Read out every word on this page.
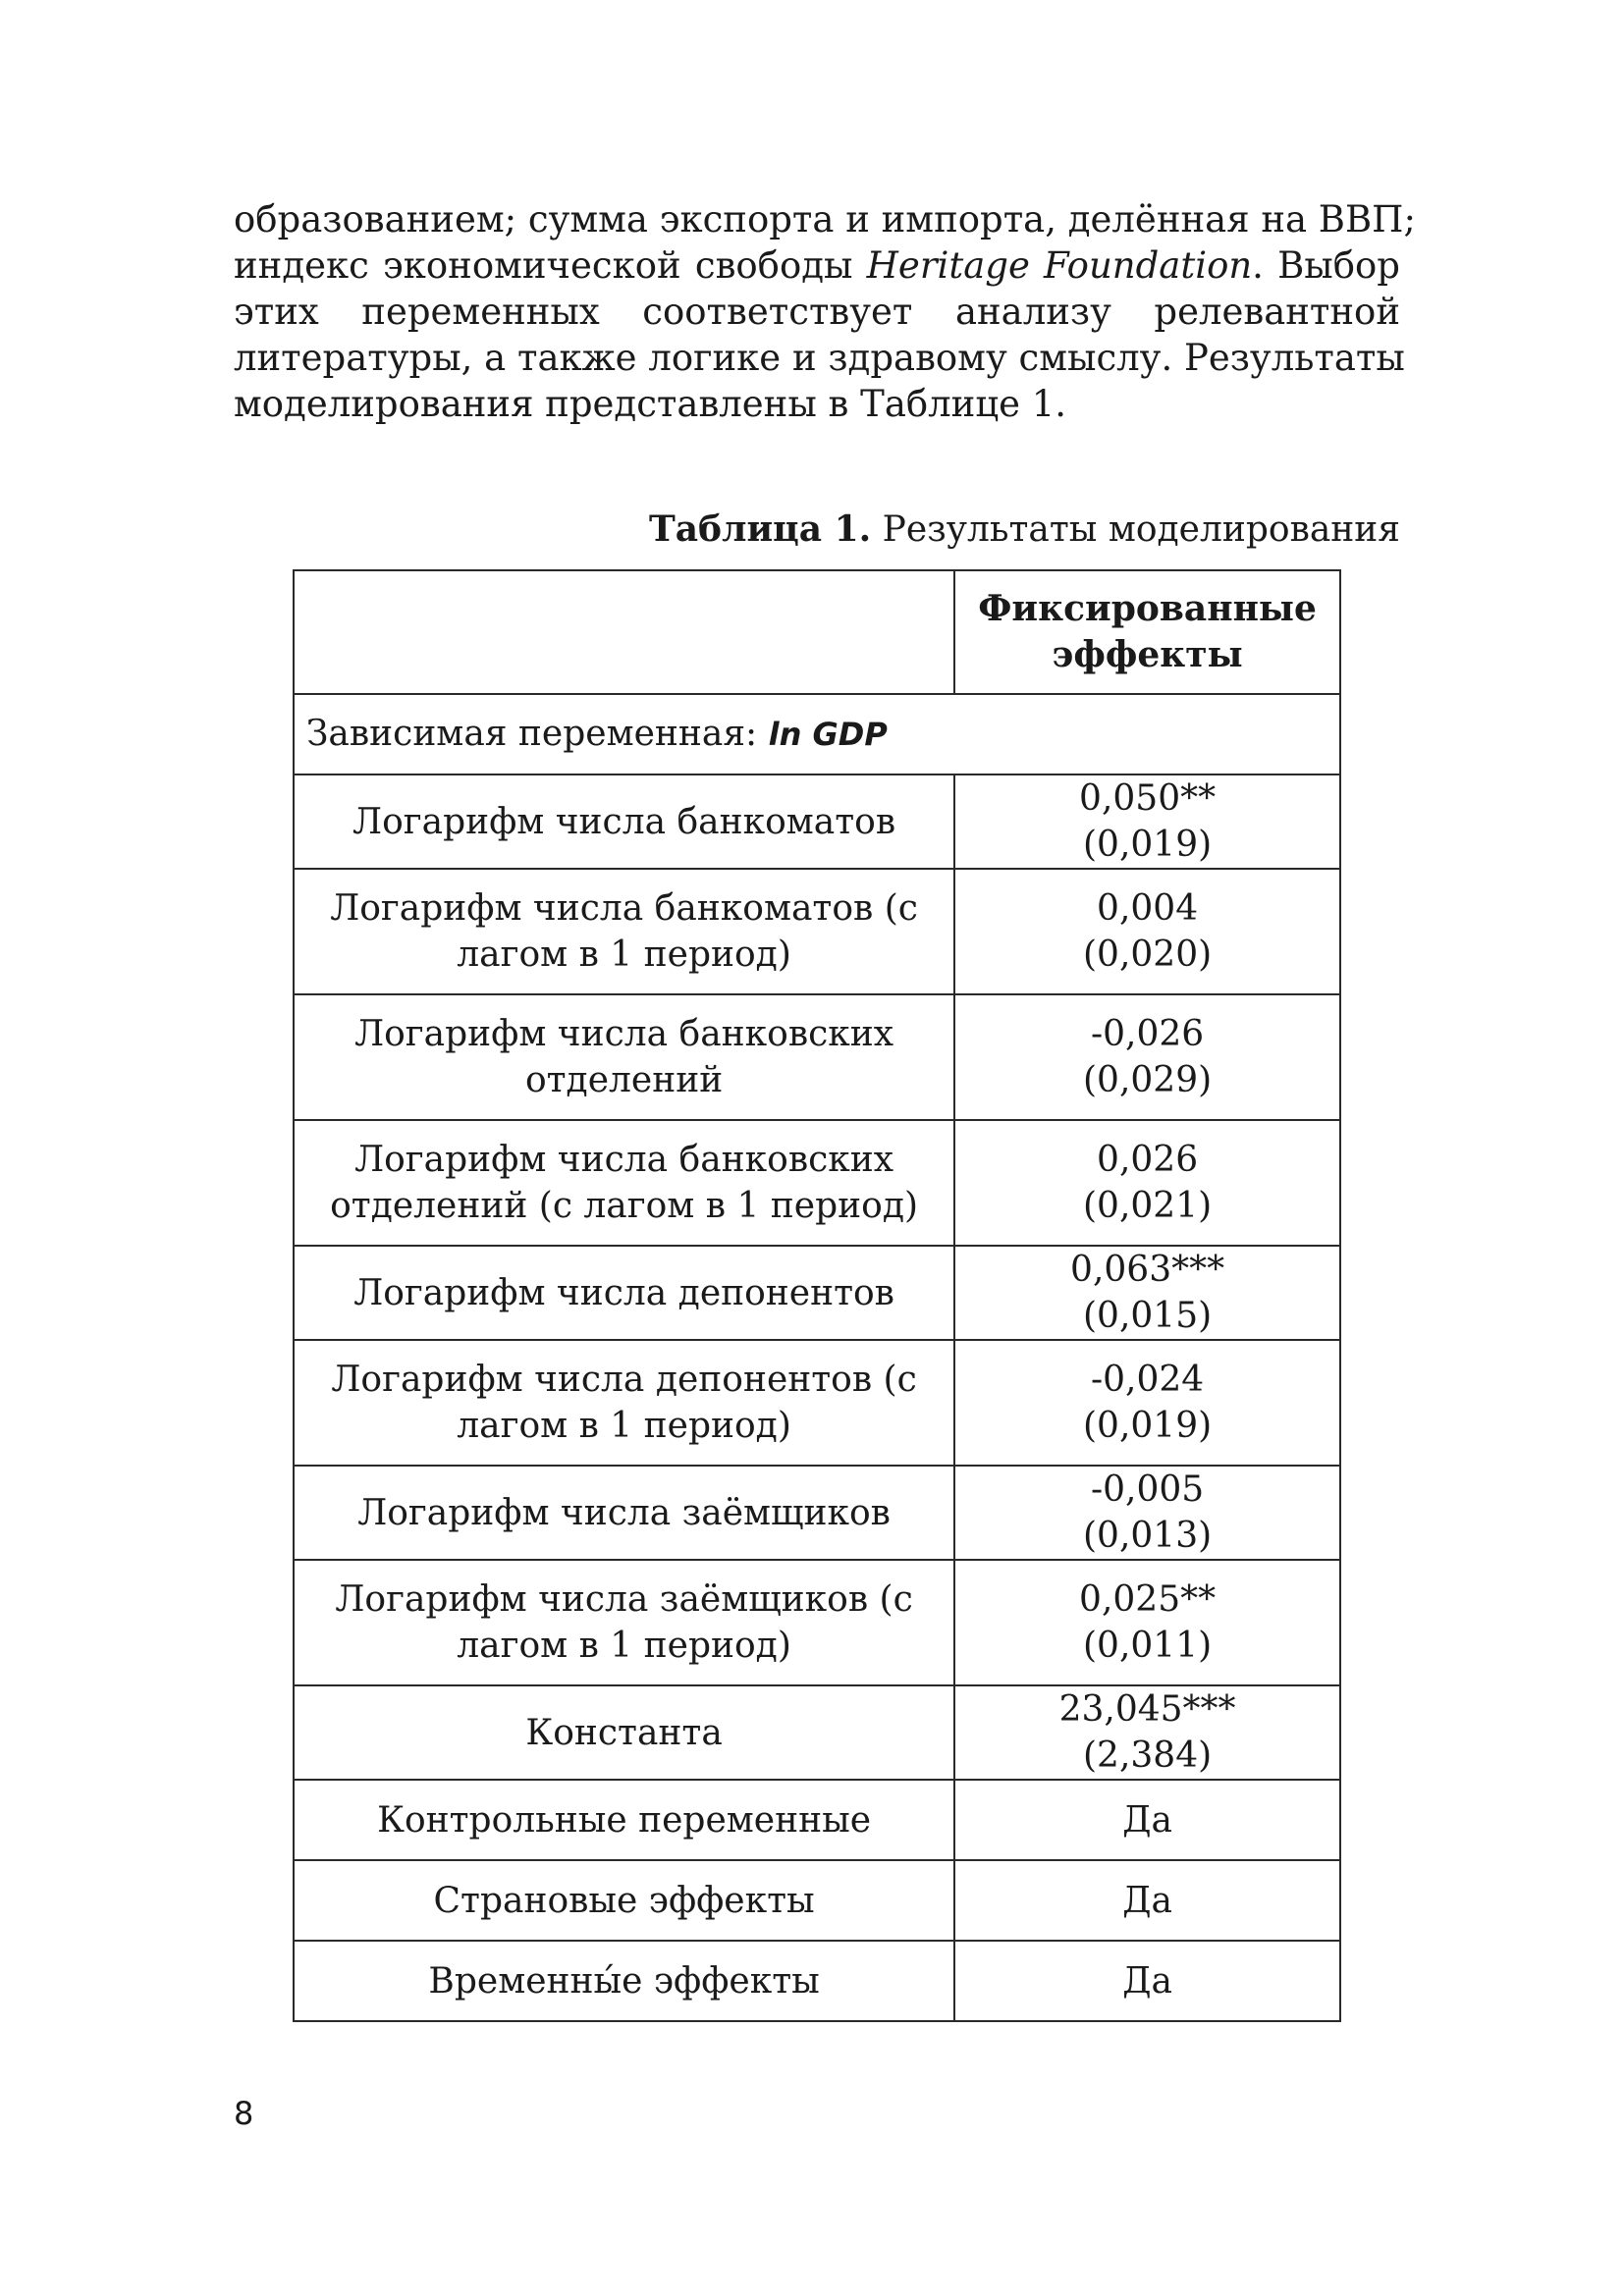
образованием; сумма экспорта и импорта, делённая на ВВП;
индекс экономической свободы Heritage Foundation. Выбор
этих переменных соответствует анализу релевантной
литературы, а также логике и здравому смыслу. Результаты
моделирования представлены в Таблице 1.
Таблица 1. Результаты моделирования
	Фиксированные
эффекты
Зависимая переменная: ln GDP	
Логарифм числа банкоматов	0,050**
(0,019)
Логарифм числа банкоматов (с
лагом в 1 период)	0,004
(0,020)
Логарифм числа банковских
отделений	-0,026
(0,029)
Логарифм числа банковских
отделений (с лагом в 1 период)	0,026
(0,021)
Логарифм числа депонентов	0,063***
(0,015)
Логарифм числа депонентов (с
лагом в 1 период)	-0,024
(0,019)
Логарифм числа заёмщиков	-0,005
(0,013)
Логарифм числа заёмщиков (с
лагом в 1 период)	0,025**
(0,011)
Константа	23,045***
(2,384)
Контрольные переменные	Да
Страновые эффекты	Да
Временны́е эффекты	Да
8
